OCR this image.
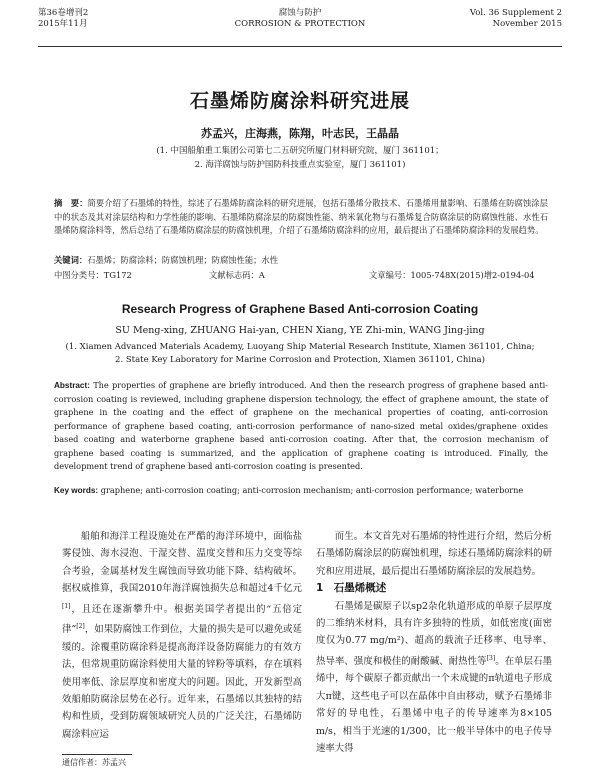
第36卷增刊2
2015年11月
腐蚀与防护
CORROSION & PROTECTION
Vol. 36 Supplement 2
November 2015
石墨烯防腐涂料研究进展
苏孟兴，庄海燕，陈翔，叶志民，王晶晶
(1. 中国船舶重工集团公司第七二五研究所厦门材料研究院，厦门 361101；
2. 海洋腐蚀与防护国防科技重点实验室，厦门 361101)
摘　要：简要介绍了石墨烯的特性，综述了石墨烯防腐涂料的研究进展，包括石墨烯分散技术、石墨烯用量影响、石墨烯在防腐蚀涂层中的状态及其对涂层结构和力学性能的影响、石墨烯防腐涂层的防腐蚀性能、纳米氧化物与石墨烯复合防腐涂层的防腐蚀性能、水性石墨烯防腐涂料等，然后总结了石墨烯防腐涂层的防腐蚀机理，介绍了石墨烯防腐涂料的应用，最后提出了石墨烯防腐涂料的发展趋势。
关键词：石墨烯；防腐涂料；防腐蚀机理；防腐蚀性能；水性
中图分类号：TG172	文献标志码：A	文章编号：1005-748X(2015)增2-0194-04
Research Progress of Graphene Based Anti-corrosion Coating
SU Meng-xing, ZHUANG Hai-yan, CHEN Xiang, YE Zhi-min, WANG Jing-jing
(1. Xiamen Advanced Materials Academy, Luoyang Ship Material Research Institute, Xiamen 361101, China;
2. State Key Laboratory for Marine Corrosion and Protection, Xiamen 361101, China)
Abstract: The properties of graphene are briefly introduced. And then the research progress of graphene based anti-corrosion coating is reviewed, including graphene dispersion technology, the effect of graphene amount, the state of graphene in the coating and the effect of graphene on the mechanical properties of coating, anti-corrosion performance of graphene based coating, anti-corrosion performance of nano-sized metal oxides/graphene oxides based coating and waterborne graphene based anti-corrosion coating. After that, the corrosion mechanism of graphene based coating is summarized, and the application of graphene coating is introduced. Finally, the development trend of graphene based anti-corrosion coating is presented.
Key words: graphene; anti-corrosion coating; anti-corrosion mechanism; anti-corrosion performance; waterborne

船舶和海洋工程设施处在严酷的海洋环境中，面临盐雾侵蚀、海水浸泡、干湿交替、温度交替和压力交变等综合考验，金属基材发生腐蚀而导致功能下降、结构破坏。据权威推算，我国2010年海洋腐蚀损失总和超过4千亿元[1]，且还在逐渐攀升中。根据美国学者提出的“五倍定律”[2]，如果防腐蚀工作到位，大量的损失是可以避免或延缓的。涂覆重防腐涂料是提高海洋设备防腐能力的有效方法，但常规重防腐涂料使用大量的锌粉等填料，存在填料使用率低、涂层厚度和密度大的问题。因此，开发新型高效船舶防腐涂层势在必行。近年来，石墨烯以其独特的结构和性质，受到防腐领域研究人员的广泛关注，石墨烯防腐涂料应运

而生。本文首先对石墨烯的特性进行介绍，然后分析石墨烯防腐涂层的防腐蚀机理，综述石墨烯防腐涂料的研究和应用进展，最后提出石墨烯防腐涂层的发展趋势。

1　石墨烯概述

石墨烯是碳原子以sp2杂化轨道形成的单原子层厚度的二维纳米材料，具有许多独特的性质，如低密度(面密度仅为0.77 mg/m²)、超高的载流子迁移率、电导率、热导率、强度和极佳的耐酸碱、耐热性等[3]。在单层石墨烯中，每个碳原子都贡献出一个未成键的π轨道电子形成大π键，这些电子可以在晶体中自由移动，赋予石墨烯非常好的导电性，石墨烯中电子的传导速率为8×105 m/s，相当于光速的1/300，比一般半导体中的电子传导速率大得

通信作者：苏孟兴
